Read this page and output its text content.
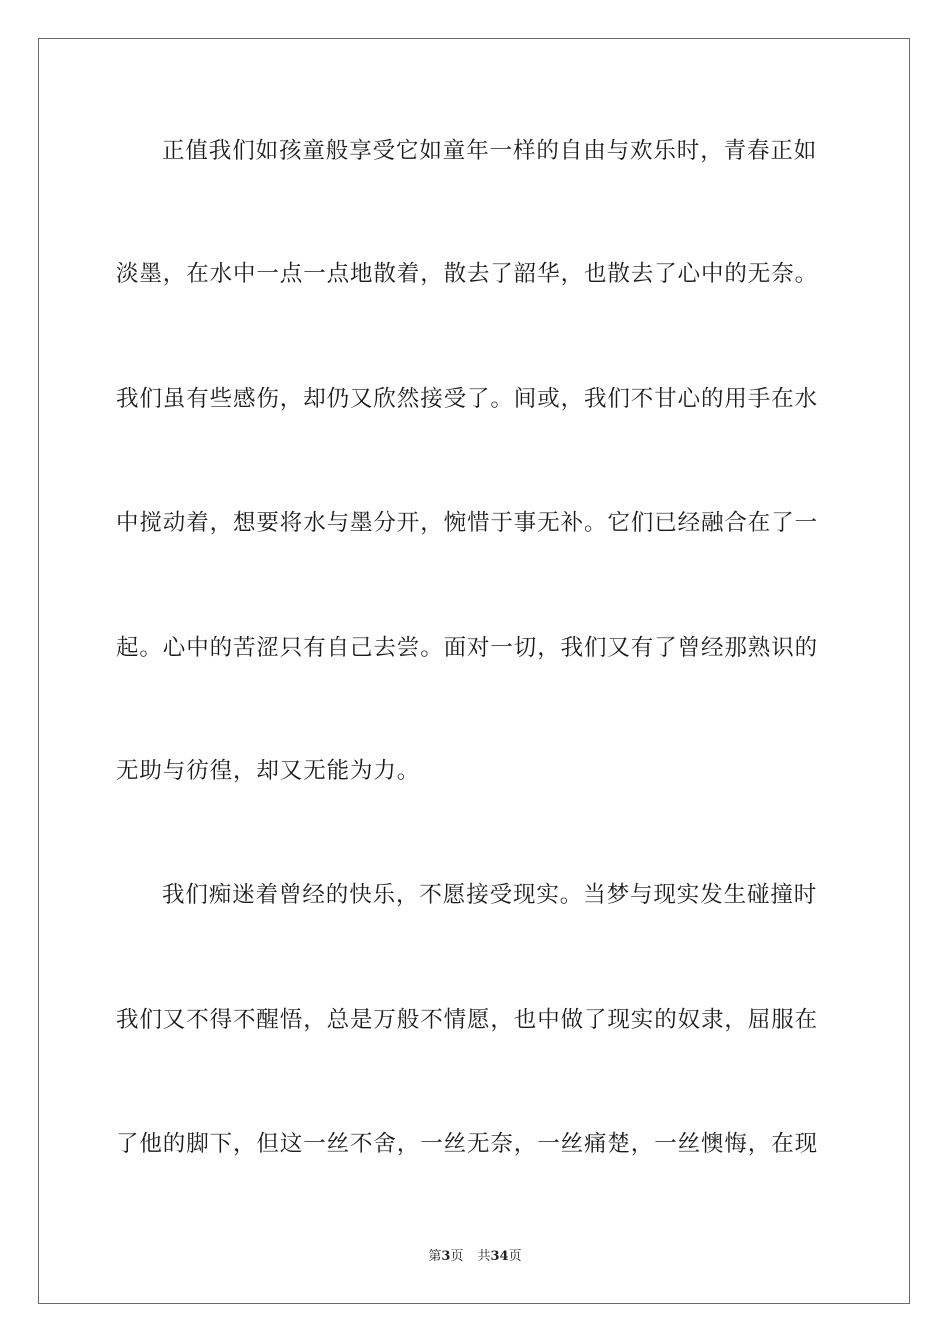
正值我们如孩童般享受它如童年一样的自由与欢乐时，青春正如
淡墨，在水中一点一点地散着，散去了韶华，也散去了心中的无奈。
我们虽有些感伤，却仍又欣然接受了。间或，我们不甘心的用手在水
中搅动着，想要将水与墨分开，惋惜于事无补。它们已经融合在了一
起。心中的苦涩只有自己去尝。面对一切，我们又有了曾经那熟识的
无助与彷徨，却又无能为力。
我们痴迷着曾经的快乐，不愿接受现实。当梦与现实发生碰撞时
我们又不得不醒悟，总是万般不情愿，也中做了现实的奴隶，屈服在
了他的脚下，但这一丝不舍，一丝无奈，一丝痛楚，一丝懊悔，在现
第3页 共34页
